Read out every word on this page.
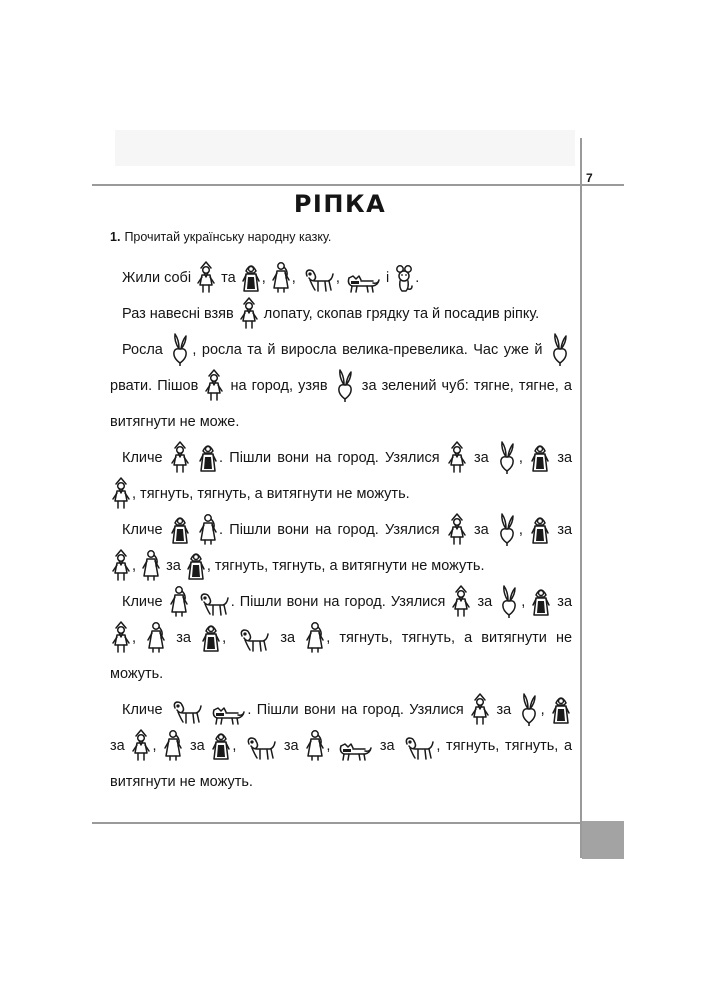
7
РІПКА
1. Прочитай українську народну казку.

Жили собі та , ,	,	і .

Раз навесні взяв лопату, скопав грядку та й посадив ріпку.

Росла , росла та й виросла велика-превелика. Час уже й
рвати. Пішов на город, узяв за зелений чуб: тягне, тягне, а витягнути не може.

Кличе
	. Пішли вони на город. Узялися за , за
, тягнуть, тягнуть, а витягнути не можуть.

Кличе
	. Пішли вони на город. Узялися за , за
, за , тягнуть, тягнуть, а витягнути не можуть.

Кличе
	. Пішли вони на город. Узялися за , за
,	за ,	за , тягнуть, тягнуть, а витягнути не можуть.

Кличе
	. Пішли вони на город. Узялися за ,
за , за ,	за ,	за	, тягнуть, тягнуть, а витягнути не можуть.
